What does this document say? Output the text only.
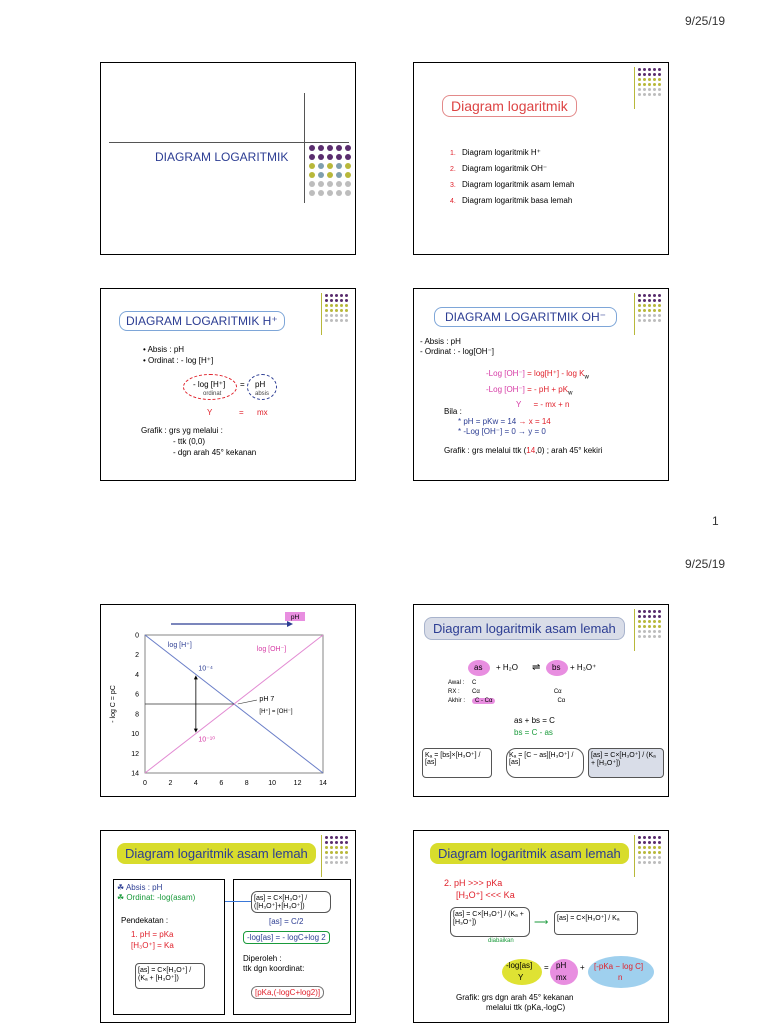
9/25/19
1
9/25/19
DIAGRAM LOGARITMIK
Diagram logaritmik
1. Diagram logaritmik H⁺
2. Diagram logaritmik OH⁻
3. Diagram logaritmik asam lemah
4. Diagram logaritmik basa lemah
DIAGRAM LOGARITMIK H⁺
• Absis : pH
• Ordinat : - log [H⁺]
- log [H⁺]
ordinat
= pH
absis
Y	= mx
Grafik : grs yg melalui :
- ttk (0,0)
- dgn arah 45° kekanan
DIAGRAM LOGARITMIK OH⁻
- Absis : pH
- Ordinat : - log[OH⁻]
-Log $[OH^-] = \log[H^+] - \log K_w$
-Log [OH⁻] = - pH + $pK_w$
Y = - mx + n
Bila :
* pH = pKw = 14 → x = 14
* -Log [OH⁻] = 0 → y = 0
Grafik : grs melalui ttk (14,0) ; arah 45° kekiri
0	2	4	6	8	10	12	14
0
2
4
6
8
10
12
14
- log C = pC
log [H⁺]
log [OH⁻]
pH
pH 7
[H⁺] = [OH⁻]
10⁻⁴
10⁻¹⁰
Diagram logaritmik asam lemah
as + H₂O ⇌ bs + H₃O⁺
Awal : C
RX : Cα	Cα
Akhir : C - Cα	Cα
as + bs = C
bs = C - as
Kₐ = [bs]×[H₃O⁺] / [as]
Kₐ = [C − as][H₃O⁺] / [as]
[as] = C×[H₃O⁺] / (Kₐ + [H₃O⁺])
Diagram logaritmik asam lemah
☘ Absis : pH
☘ Ordinat: -log(asam)
Pendekatan :
1. pH = pKa
[H₃O⁺] = Ka
[as] = C×[H₃O⁺] / (Kₐ + [H₃O⁺])
[as] = C×[H₃O⁺] / ([H₃O⁺]+[H₃O⁺])
[as] = C/2
-log[as] = - logC+log 2
Diperoleh :
ttk dgn koordinat:
[pKa,(-logC+log2)]
Diagram logaritmik asam lemah
2. pH >>> pKa
[H₃O⁺] <<< Ka
[as] = C×[H₃O⁺] / (Kₐ + [H₃O⁺])
diabaikan
⟶	[as] = C×[H₃O⁺] / Kₐ
-log[as]
Y
= pH
mx
+ [-pKa − log C]
n
Grafik: grs dgn arah 45° kekanan
melalui ttk (pKa,-logC)
